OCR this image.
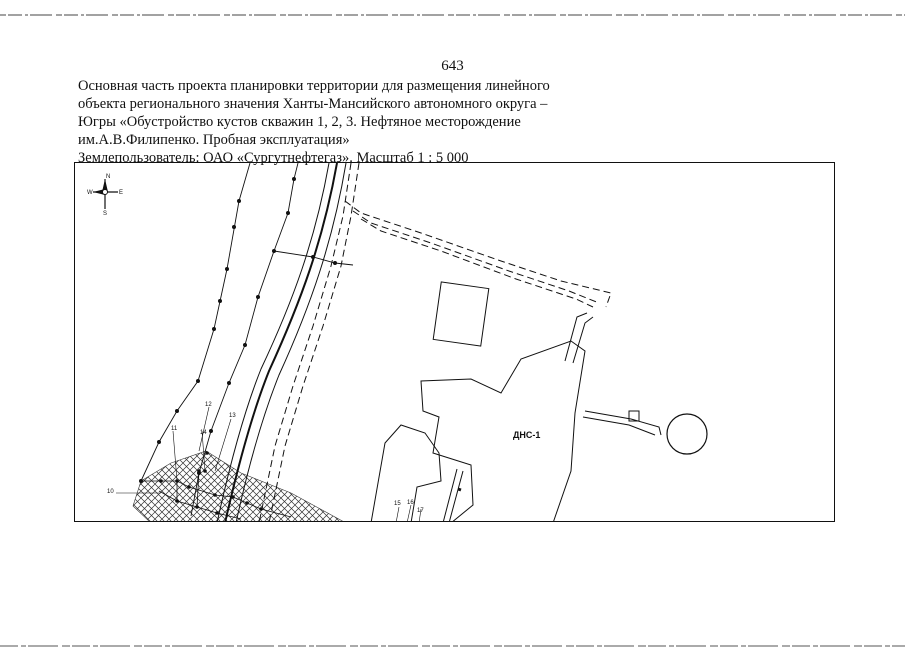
643
Основная часть проекта планировки территории для размещения линейного
объекта регионального значения Ханты-Мансийского автономного округа –
Югры «Обустройство кустов скважин 1, 2, 3. Нефтяное месторождение
им.А.В.Филипенко. Пробная эксплуатация»
Землепользователь: ОАО «Сургутнефтегаз». Масштаб 1 : 5 000
N
E
W
S
ДНС-1
10
11
12
13
14
15 16
17
